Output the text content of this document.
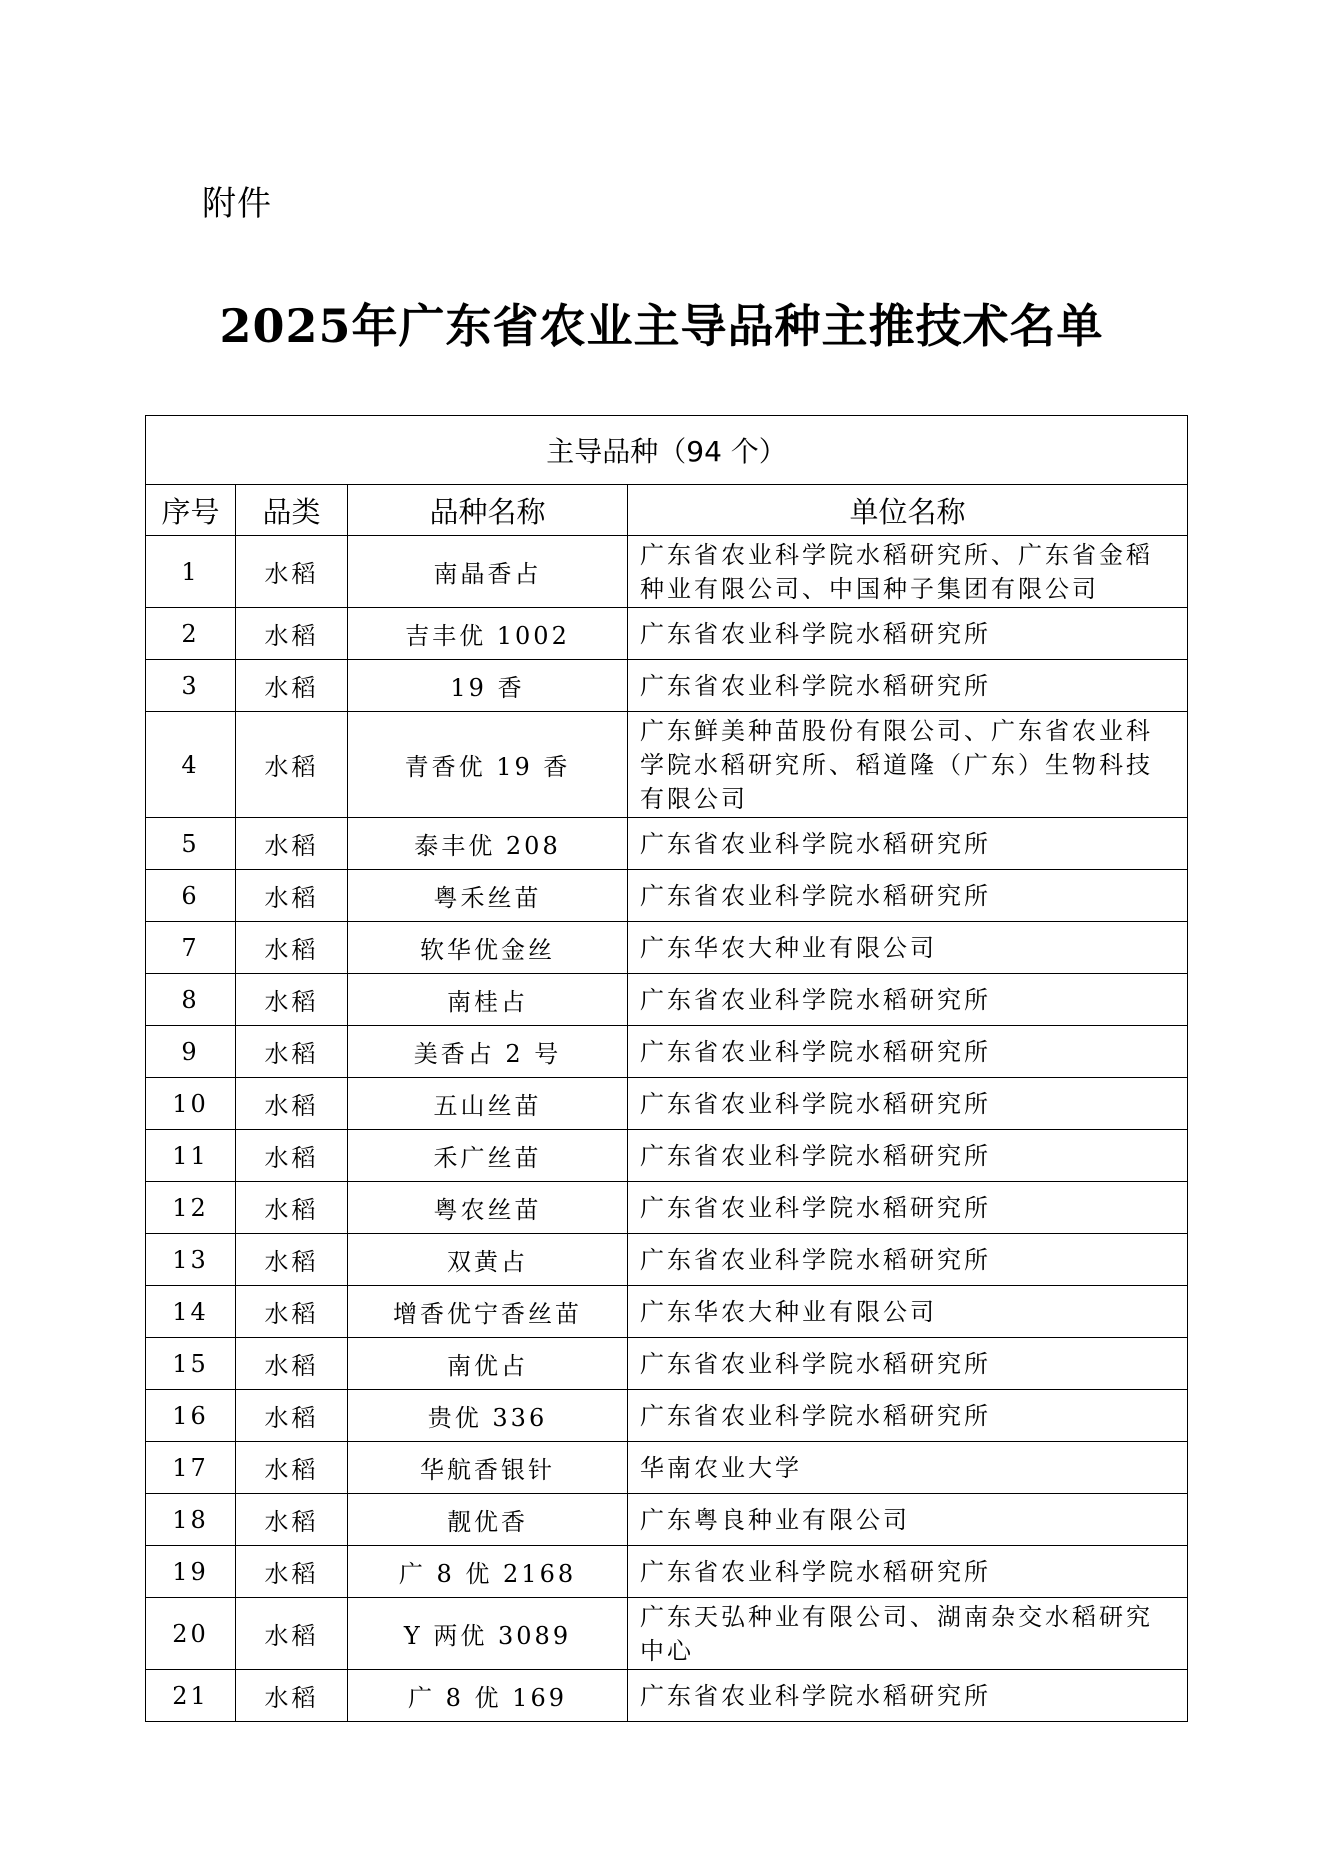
附件
2025年广东省农业主导品种主推技术名单
主导品种（94 个）			
序号	品类	品种名称	单位名称
1	水稻	南晶香占	广东省农业科学院水稻研究所、广东省金稻种业有限公司、中国种子集团有限公司
2	水稻	吉丰优 1002	广东省农业科学院水稻研究所
3	水稻	19 香	广东省农业科学院水稻研究所
4	水稻	青香优 19 香	广东鲜美种苗股份有限公司、广东省农业科学院水稻研究所、稻道隆（广东）生物科技有限公司
5	水稻	泰丰优 208	广东省农业科学院水稻研究所
6	水稻	粤禾丝苗	广东省农业科学院水稻研究所
7	水稻	软华优金丝	广东华农大种业有限公司
8	水稻	南桂占	广东省农业科学院水稻研究所
9	水稻	美香占 2 号	广东省农业科学院水稻研究所
10	水稻	五山丝苗	广东省农业科学院水稻研究所
11	水稻	禾广丝苗	广东省农业科学院水稻研究所
12	水稻	粤农丝苗	广东省农业科学院水稻研究所
13	水稻	双黄占	广东省农业科学院水稻研究所
14	水稻	增香优宁香丝苗	广东华农大种业有限公司
15	水稻	南优占	广东省农业科学院水稻研究所
16	水稻	贵优 336	广东省农业科学院水稻研究所
17	水稻	华航香银针	华南农业大学
18	水稻	靓优香	广东粤良种业有限公司
19	水稻	广 8 优 2168	广东省农业科学院水稻研究所
20	水稻	Y 两优 3089	广东天弘种业有限公司、湖南杂交水稻研究中心
21	水稻	广 8 优 169	广东省农业科学院水稻研究所
